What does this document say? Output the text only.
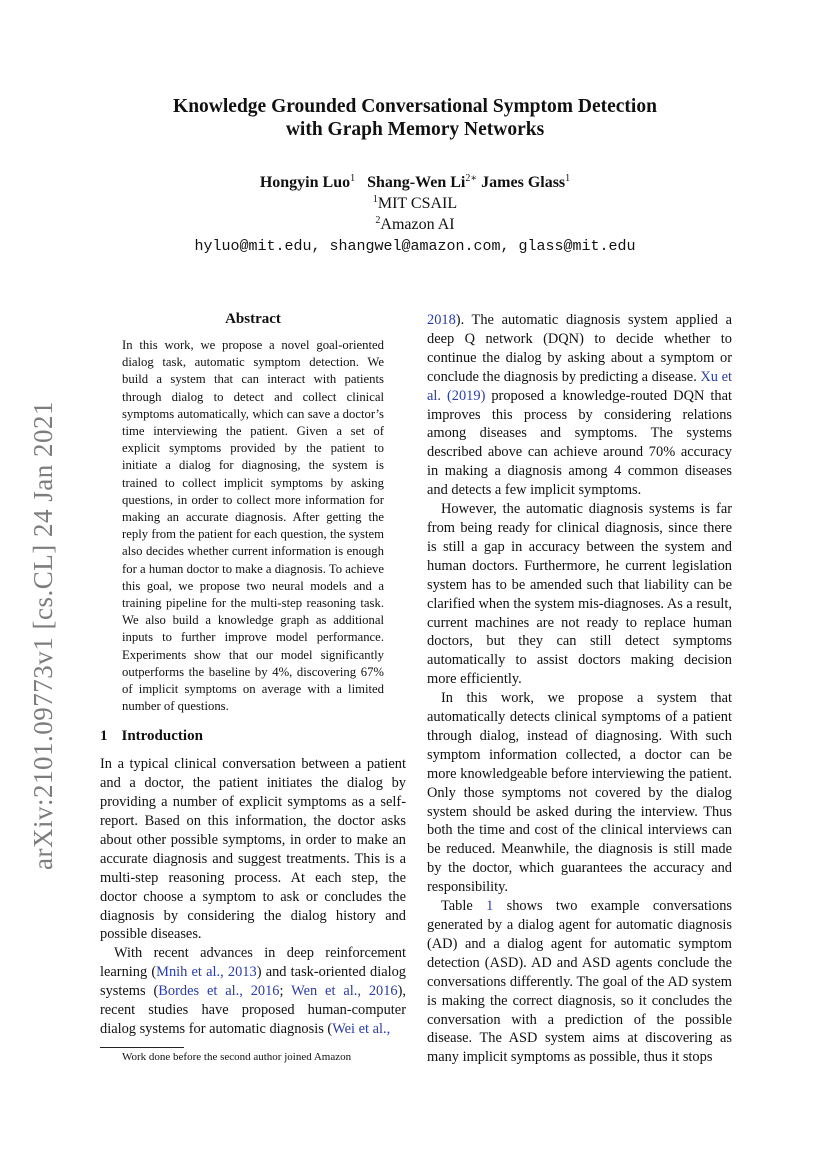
arXiv:2101.09773v1 [cs.CL] 24 Jan 2021
Knowledge Grounded Conversational Symptom Detection
with Graph Memory Networks
Hongyin Luo$^1$ Shang-Wen $Li^{2∗}$ James Glass$^1$
$^1$MIT CSAIL
$^2$Amazon AI
hyluo@mit.edu, shangwel@amazon.com, glass@mit.edu
Abstract
In this work, we propose a novel goal-oriented dialog task, automatic symptom detection. We build a system that can interact with patients through dialog to detect and collect clinical symptoms automatically, which can save a doctor’s time interviewing the patient. Given a set of explicit symptoms provided by the patient to initiate a dialog for diagnosing, the system is trained to collect implicit symptoms by asking questions, in order to collect more information for making an accurate diagnosis. After getting the reply from the patient for each question, the system also decides whether current information is enough for a human doctor to make a diagnosis. To achieve this goal, we propose two neural models and a training pipeline for the multi-step reasoning task. We also build a knowledge graph as additional inputs to further improve model performance. Experiments show that our model significantly outperforms the baseline by 4%, discovering 67% of implicit symptoms on average with a limited number of questions.
1 Introduction

In a typical clinical conversation between a patient and a doctor, the patient initiates the dialog by providing a number of explicit symptoms as a self-report. Based on this information, the doctor asks about other possible symptoms, in order to make an accurate diagnosis and suggest treatments. This is a multi-step reasoning process. At each step, the doctor choose a symptom to ask or concludes the diagnosis by considering the dialog history and possible diseases.

With recent advances in deep reinforcement learning (Mnih et al., 2013) and task-oriented dialog systems (Bordes et al., 2016; Wen et al., 2016), recent studies have proposed human-computer dialog systems for automatic diagnosis (Wei et al.,

2018). The automatic diagnosis system applied a deep Q network (DQN) to decide whether to continue the dialog by asking about a symptom or conclude the diagnosis by predicting a disease. Xu et al. (2019) proposed a knowledge-routed DQN that improves this process by considering relations among diseases and symptoms. The systems described above can achieve around 70% accuracy in making a diagnosis among 4 common diseases and detects a few implicit symptoms.

However, the automatic diagnosis systems is far from being ready for clinical diagnosis, since there is still a gap in accuracy between the system and human doctors. Furthermore, he current legislation system has to be amended such that liability can be clarified when the system mis-diagnoses. As a result, current machines are not ready to replace human doctors, but they can still detect symptoms automatically to assist doctors making decision more efficiently.

In this work, we propose a system that automatically detects clinical symptoms of a patient through dialog, instead of diagnosing. With such symptom information collected, a doctor can be more knowledgeable before interviewing the patient. Only those symptoms not covered by the dialog system should be asked during the interview. Thus both the time and cost of the clinical interviews can be reduced. Meanwhile, the diagnosis is still made by the doctor, which guarantees the accuracy and responsibility.

Table 1 shows two example conversations generated by a dialog agent for automatic diagnosis (AD) and a dialog agent for automatic symptom detection (ASD). AD and ASD agents conclude the conversations differently. The goal of the AD system is making the correct diagnosis, so it concludes the conversation with a prediction of the possible disease. The ASD system aims at discovering as many implicit symptoms as possible, thus it stops

Work done before the second author joined Amazon
